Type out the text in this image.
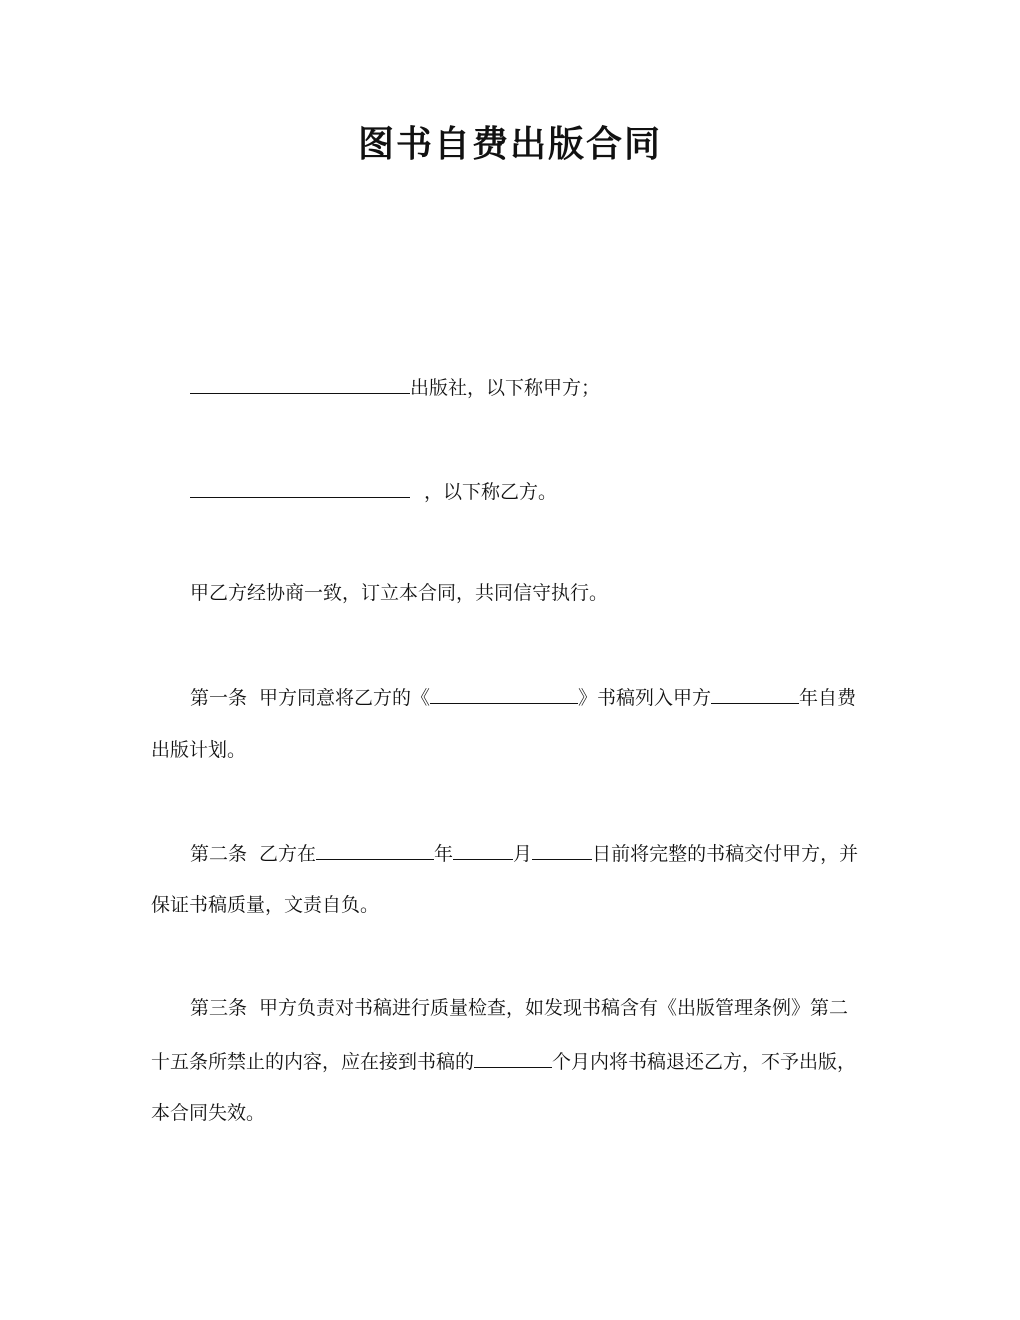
图书自费出版合同
出版社，以下称甲方；
，以下称乙方。
甲乙方经协商一致，订立本合同，共同信守执行。
第一条 甲方同意将乙方的《	》书稿列入甲方	年自费
出版计划。
第二条 乙方在	年	月	日前将完整的书稿交付甲方，并
保证书稿质量，文责自负。
第三条 甲方负责对书稿进行质量检查，如发现书稿含有《出版管理条例》第二
十五条所禁止的内容，应在接到书稿的	个月内将书稿退还乙方，不予出版，
本合同失效。
